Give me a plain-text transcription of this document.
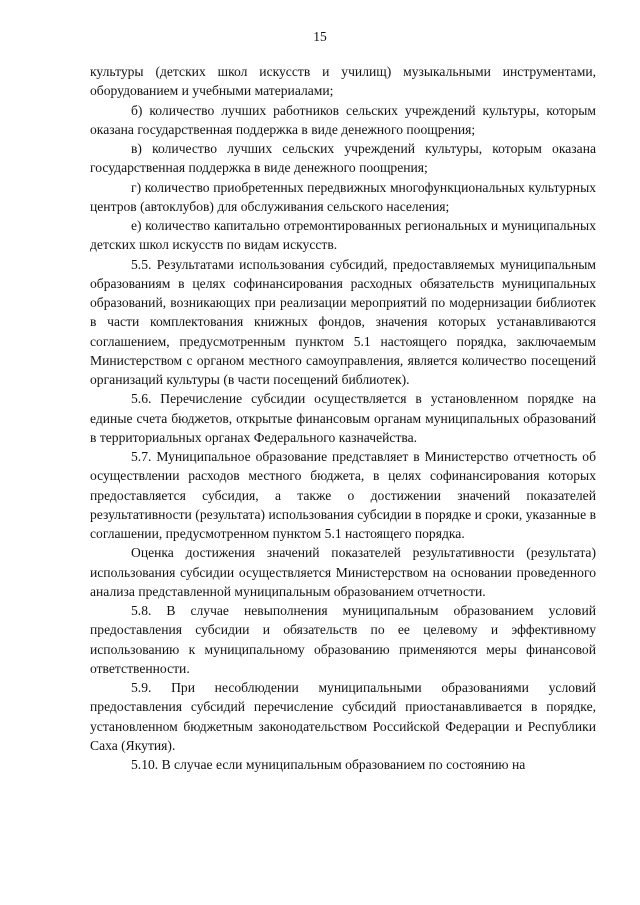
15

культуры (детских школ искусств и училищ) музыкальными инструментами, оборудованием и учебными материалами;

б) количество лучших работников сельских учреждений культуры, которым оказана государственная поддержка в виде денежного поощрения;

в) количество лучших сельских учреждений культуры, которым оказана государственная поддержка в виде денежного поощрения;

г) количество приобретенных передвижных многофункциональных культурных центров (автоклубов) для обслуживания сельского населения;

е) количество капитально отремонтированных региональных и муниципальных детских школ искусств по видам искусств.

5.5. Результатами использования субсидий, предоставляемых муниципальным образованиям в целях софинансирования расходных обязательств муниципальных образований, возникающих при реализации мероприятий по модернизации библиотек в части комплектования книжных фондов, значения которых устанавливаются соглашением, предусмотренным пунктом 5.1 настоящего порядка, заключаемым Министерством с органом местного самоуправления, является количество посещений организаций культуры (в части посещений библиотек).

5.6. Перечисление субсидии осуществляется в установленном порядке на единые счета бюджетов, открытые финансовым органам муниципальных образований в территориальных органах Федерального казначейства.

5.7. Муниципальное образование представляет в Министерство отчетность об осуществлении расходов местного бюджета, в целях софинансирования которых предоставляется субсидия, а также о достижении значений показателей результативности (результата) использования субсидии в порядке и сроки, указанные в соглашении, предусмотренном пунктом 5.1 настоящего порядка.

Оценка достижения значений показателей результативности (результата) использования субсидии осуществляется Министерством на основании проведенного анализа представленной муниципальным образованием отчетности.

5.8. В случае невыполнения муниципальным образованием условий предоставления субсидии и обязательств по ее целевому и эффективному использованию к муниципальному образованию применяются меры финансовой ответственности.

5.9. При несоблюдении муниципальными образованиями условий предоставления субсидий перечисление субсидий приостанавливается в порядке, установленном бюджетным законодательством Российской Федерации и Республики Саха (Якутия).

5.10. В случае если муниципальным образованием по состоянию на
